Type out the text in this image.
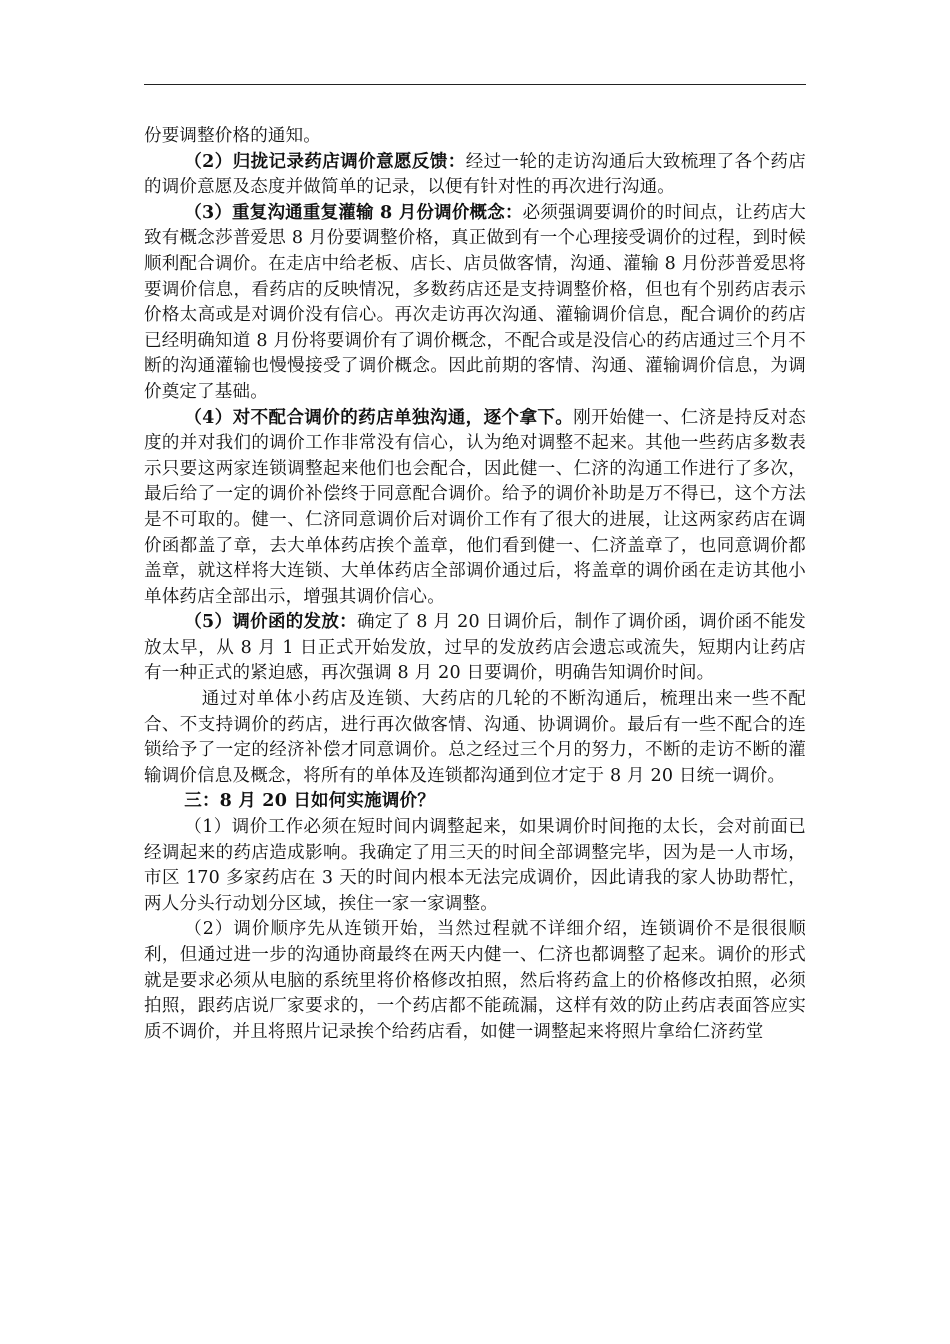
份要调整价格的通知。

（2）归拢记录药店调价意愿反馈：经过一轮的走访沟通后大致梳理了各个药店的调价意愿及态度并做简单的记录，以便有针对性的再次进行沟通。

（3）重复沟通重复灌输 8 月份调价概念：必须强调要调价的时间点，让药店大致有概念莎普爱思 8 月份要调整价格，真正做到有一个心理接受调价的过程，到时候顺利配合调价。在走店中给老板、店长、店员做客情，沟通、灌输 8 月份莎普爱思将要调价信息，看药店的反映情况，多数药店还是支持调整价格，但也有个别药店表示价格太高或是对调价没有信心。再次走访再次沟通、灌输调价信息，配合调价的药店已经明确知道 8 月份将要调价有了调价概念，不配合或是没信心的药店通过三个月不断的沟通灌输也慢慢接受了调价概念。因此前期的客情、沟通、灌输调价信息，为调价奠定了基础。

（4）对不配合调价的药店单独沟通，逐个拿下。刚开始健一、仁济是持反对态度的并对我们的调价工作非常没有信心，认为绝对调整不起来。其他一些药店多数表示只要这两家连锁调整起来他们也会配合，因此健一、仁济的沟通工作进行了多次，最后给了一定的调价补偿终于同意配合调价。给予的调价补助是万不得已，这个方法是不可取的。健一、仁济同意调价后对调价工作有了很大的进展，让这两家药店在调价函都盖了章，去大单体药店挨个盖章，他们看到健一、仁济盖章了，也同意调价都盖章，就这样将大连锁、大单体药店全部调价通过后，将盖章的调价函在走访其他小单体药店全部出示，增强其调价信心。

（5）调价函的发放：确定了 8 月 20 日调价后，制作了调价函，调价函不能发放太早，从 8 月 1 日正式开始发放，过早的发放药店会遗忘或流失，短期内让药店有一种正式的紧迫感，再次强调 8 月 20 日要调价，明确告知调价时间。

通过对单体小药店及连锁、大药店的几轮的不断沟通后，梳理出来一些不配合、不支持调价的药店，进行再次做客情、沟通、协调调价。最后有一些不配合的连锁给予了一定的经济补偿才同意调价。总之经过三个月的努力，不断的走访不断的灌输调价信息及概念，将所有的单体及连锁都沟通到位才定于 8 月 20 日统一调价。

三：8 月 20 日如何实施调价？

（1）调价工作必须在短时间内调整起来，如果调价时间拖的太长，会对前面已经调起来的药店造成影响。我确定了用三天的时间全部调整完毕，因为是一人市场，市区 170 多家药店在 3 天的时间内根本无法完成调价，因此请我的家人协助帮忙，两人分头行动划分区域，挨住一家一家调整。

（2）调价顺序先从连锁开始，当然过程就不详细介绍，连锁调价不是很很顺利，但通过进一步的沟通协商最终在两天内健一、仁济也都调整了起来。调价的形式就是要求必须从电脑的系统里将价格修改拍照，然后将药盒上的价格修改拍照，必须拍照，跟药店说厂家要求的，一个药店都不能疏漏，这样有效的防止药店表面答应实质不调价，并且将照片记录挨个给药店看，如健一调整起来将照片拿给仁济药堂
